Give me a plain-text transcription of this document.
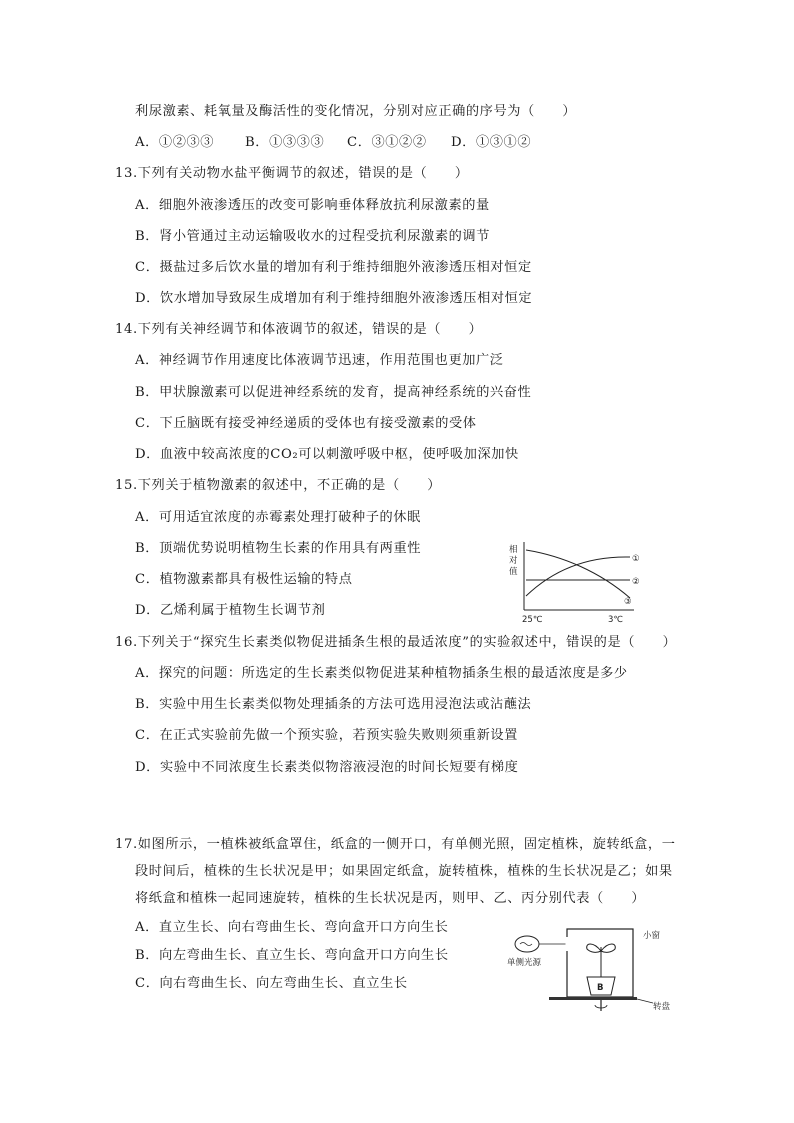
利尿激素、耗氧量及酶活性的变化情况，分别对应正确的序号为（　　）
A．①②③③ B．①③③③ C．③①②② D．①③①②
13.下列有关动物水盐平衡调节的叙述，错误的是（　　）
A．细胞外液渗透压的改变可影响垂体释放抗利尿激素的量
B．肾小管通过主动运输吸收水的过程受抗利尿激素的调节
C．摄盐过多后饮水量的增加有利于维持细胞外液渗透压相对恒定
D．饮水增加导致尿生成增加有利于维持细胞外液渗透压相对恒定
14.下列有关神经调节和体液调节的叙述，错误的是（　　）
A．神经调节作用速度比体液调节迅速，作用范围也更加广泛
B．甲状腺激素可以促进神经系统的发育，提高神经系统的兴奋性
C．下丘脑既有接受神经递质的受体也有接受激素的受体
D．血液中较高浓度的CO₂可以刺激呼吸中枢，使呼吸加深加快
15.下列关于植物激素的叙述中，不正确的是（　　）
A．可用适宜浓度的赤霉素处理打破种子的休眠
B．顶端优势说明植物生长素的作用具有两重性
C．植物激素都具有极性运输的特点
D．乙烯利属于植物生长调节剂
相
对
值
①
②
③
25℃	3℃
16.下列关于“探究生长素类似物促进插条生根的最适浓度”的实验叙述中，错误的是（　　）
A．探究的问题：所选定的生长素类似物促进某种植物插条生根的最适浓度是多少
B．实验中用生长素类似物处理插条的方法可选用浸泡法或沾蘸法
C．在正式实验前先做一个预实验，若预实验失败则须重新设置
D．实验中不同浓度生长素类似物溶液浸泡的时间长短要有梯度
17.如图所示，一植株被纸盒罩住，纸盒的一侧开口，有单侧光照，固定植株，旋转纸盒，一
段时间后，植株的生长状况是甲；如果固定纸盒，旋转植株，植株的生长状况是乙；如果
将纸盒和植株一起同速旋转，植株的生长状况是丙，则甲、乙、丙分别代表（　　）
A．直立生长、向右弯曲生长、弯向盒开口方向生长
B．向左弯曲生长、直立生长、弯向盒开口方向生长
C．向右弯曲生长、向左弯曲生长、直立生长
单侧光源
小窗
B
转盘
